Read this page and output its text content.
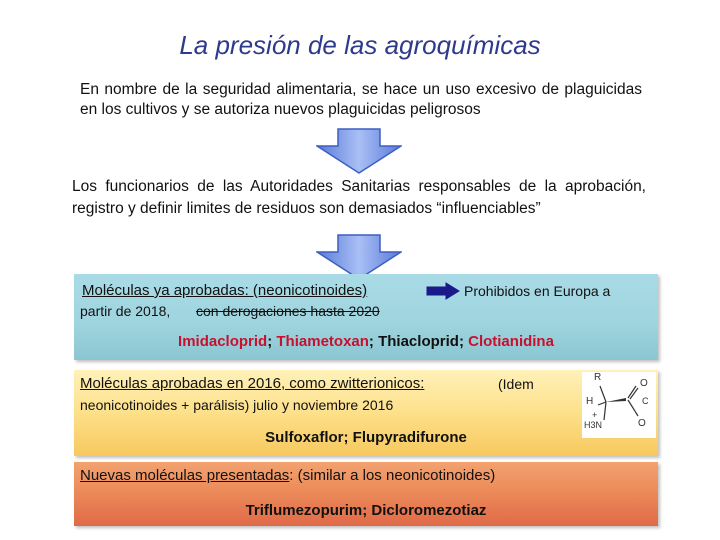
La presión de las agroquímicas
En nombre de la seguridad alimentaria, se hace un uso excesivo de plaguicidas en los cultivos y se autoriza nuevos plaguicidas peligrosos
Los funcionarios de las Autoridades Sanitarias responsables de la aprobación, registro y definir limites de residuos son demasiados “influenciables”
Moléculas ya aprobadas: (neonicotinoides)	Prohibidos en Europa a
partir de 2018, con derogaciones hasta 2020
Imidacloprid; Thiametoxan; Thiacloprid; Clotianidina
Moléculas aprobadas en 2016, como zwitterionicos:	(Idem
neonicotinoides + parálisis) julio y noviembre 2016
Sulfoxaflor; Flupyradifurone
R
H
+
H3N
O
C
O
Nuevas moléculas presentadas: (similar a los neonicotinoides)
Triflumezopurim; Dicloromezotiaz
